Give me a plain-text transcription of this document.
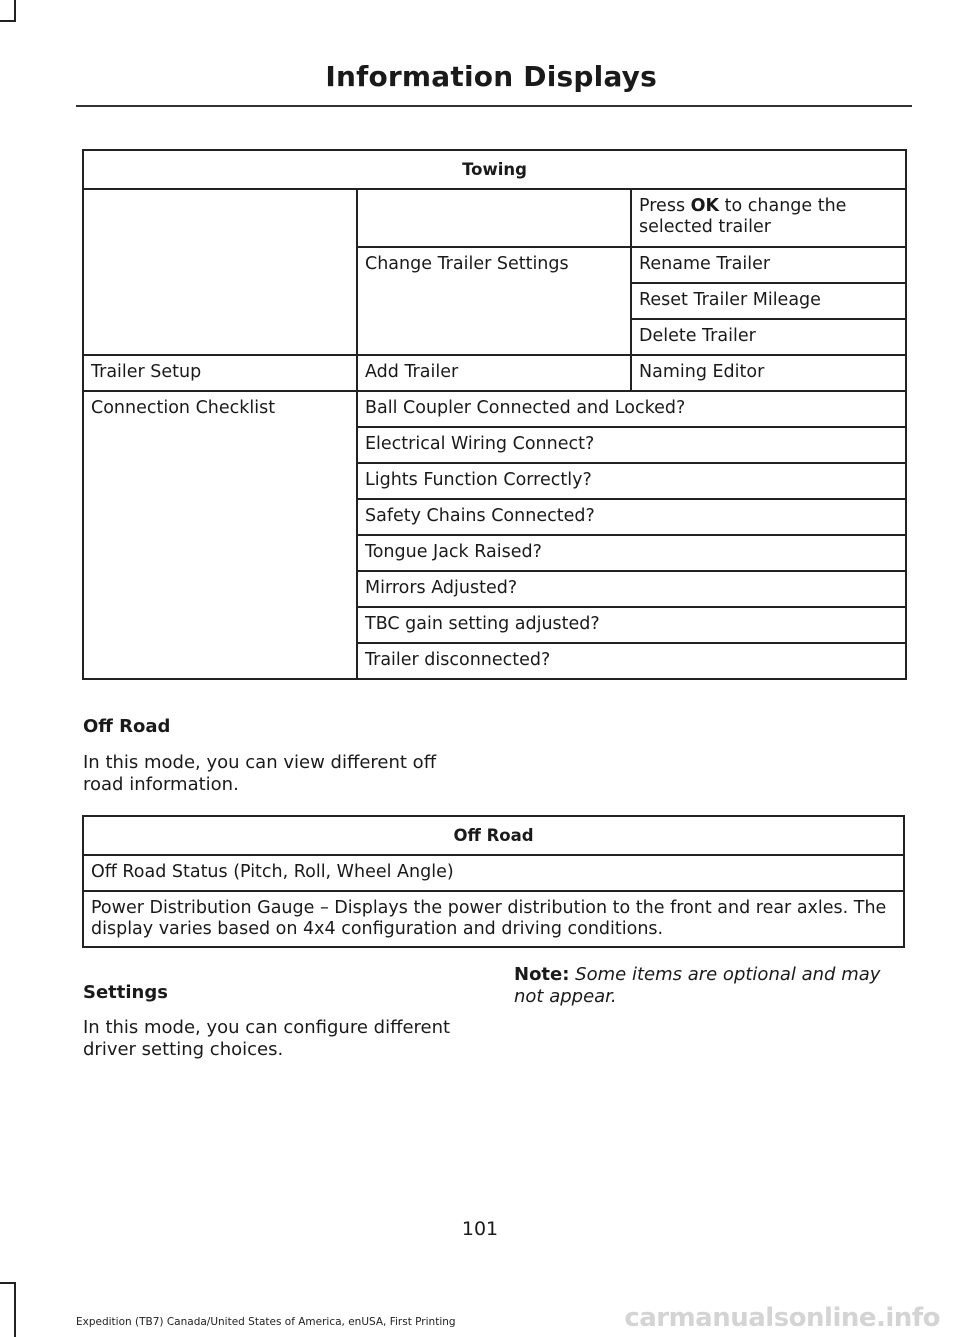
Information Displays
Towing		
		Press OK to change the selected trailer
	Change Trailer Settings	Rename Trailer
		Reset Trailer Mileage
		Delete Trailer
Trailer Setup	Add Trailer	Naming Editor
Connection Checklist	Ball Coupler Connected and Locked?	
	Electrical Wiring Connect?	
	Lights Function Correctly?	
	Safety Chains Connected?	
	Tongue Jack Raised?	
	Mirrors Adjusted?	
	TBC gain setting adjusted?	
	Trailer disconnected?	
Off Road

In this mode, you can view different off road information.

Off Road
Off Road Status (Pitch, Roll, Wheel Angle)
Power Distribution Gauge – Displays the power distribution to the front and rear axles. The display varies based on 4x4 configuration and driving conditions.
Settings

In this mode, you can configure different driver setting choices.

Note: Some items are optional and may not appear.

101
Expedition (TB7) Canada/United States of America, enUSA, First Printing	carmanualsonline.info
